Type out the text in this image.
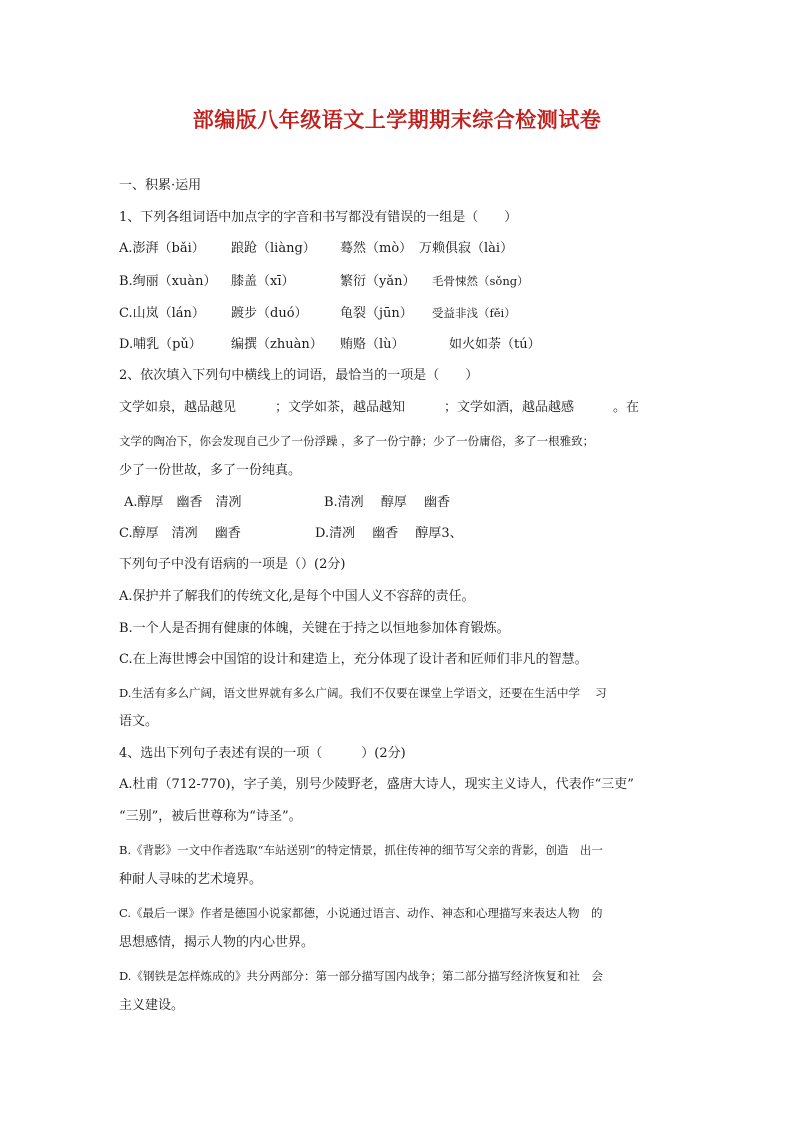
部编版八年级语文上学期期末综合检测试卷
一、积累·运用
1、下列各组词语中加点字的字音和书写都没有错误的一组是（　　）
A.澎湃（bǎi） 踉跄（liàng） 蓦然（mò） 万赖俱寂（lài）
B.绚丽（xuàn） 膝盖（xī）	繁衍（yǎn） 毛骨悚然（sǒng）
C.山岚（lán） 踱步（duó） 龟裂（jūn） 受益非浅（fěi）
D.哺乳（pǔ） 编撰（zhuàn） 贿赂（lù）	如火如荼（tú）
2、依次填入下列句中横线上的词语，最恰当的一项是（　　）
文学如泉，越品越见　　　；文学如茶，越品越知　　　；文学如酒，越品越感　　　。在
文学的陶冶下，你会发现自己少了一份浮躁 ，多了一份宁静；少了一份庸俗，多了一根雅致；
少了一份世故，多了一份纯真。
A.醇厚　幽香　清冽	B.清冽　 醇厚　 幽香
C.醇厚　清冽　 幽香	D.清冽　 幽香　 醇厚3、
下列句子中没有语病的一项是（）(2分)
A.保护并了解我们的传统文化,是每个中国人义不容辞的责任。
B.一个人是否拥有健康的体魄，关键在于持之以恒地参加体育锻炼。
C.在上海世博会中国馆的设计和建造上，充分体现了设计者和匠师们非凡的智慧。
D.生活有多么广阔，语文世界就有多么广阔。我们不仅要在课堂上学语文，还要在生活中学　 习
语文。
4、选出下列句子表述有误的一项（　　　）(2分)
A.杜甫（712-770)，字子美，别号少陵野老，盛唐大诗人，现实主义诗人，代表作“三吏”
“三别”，被后世尊称为“诗圣”。
B.《背影》一文中作者选取“车站送别”的特定情景，抓住传神的细节写父亲的背影，创造　出一
种耐人寻味的艺术境界。
C.《最后一课》作者是德国小说家都德，小说通过语言、动作、神态和心理描写来表达人物　的
思想感情，揭示人物的内心世界。
D.《钢铁是怎样炼成的》共分两部分：第一部分描写国内战争；第二部分描写经济恢复和社　会
主义建设。
